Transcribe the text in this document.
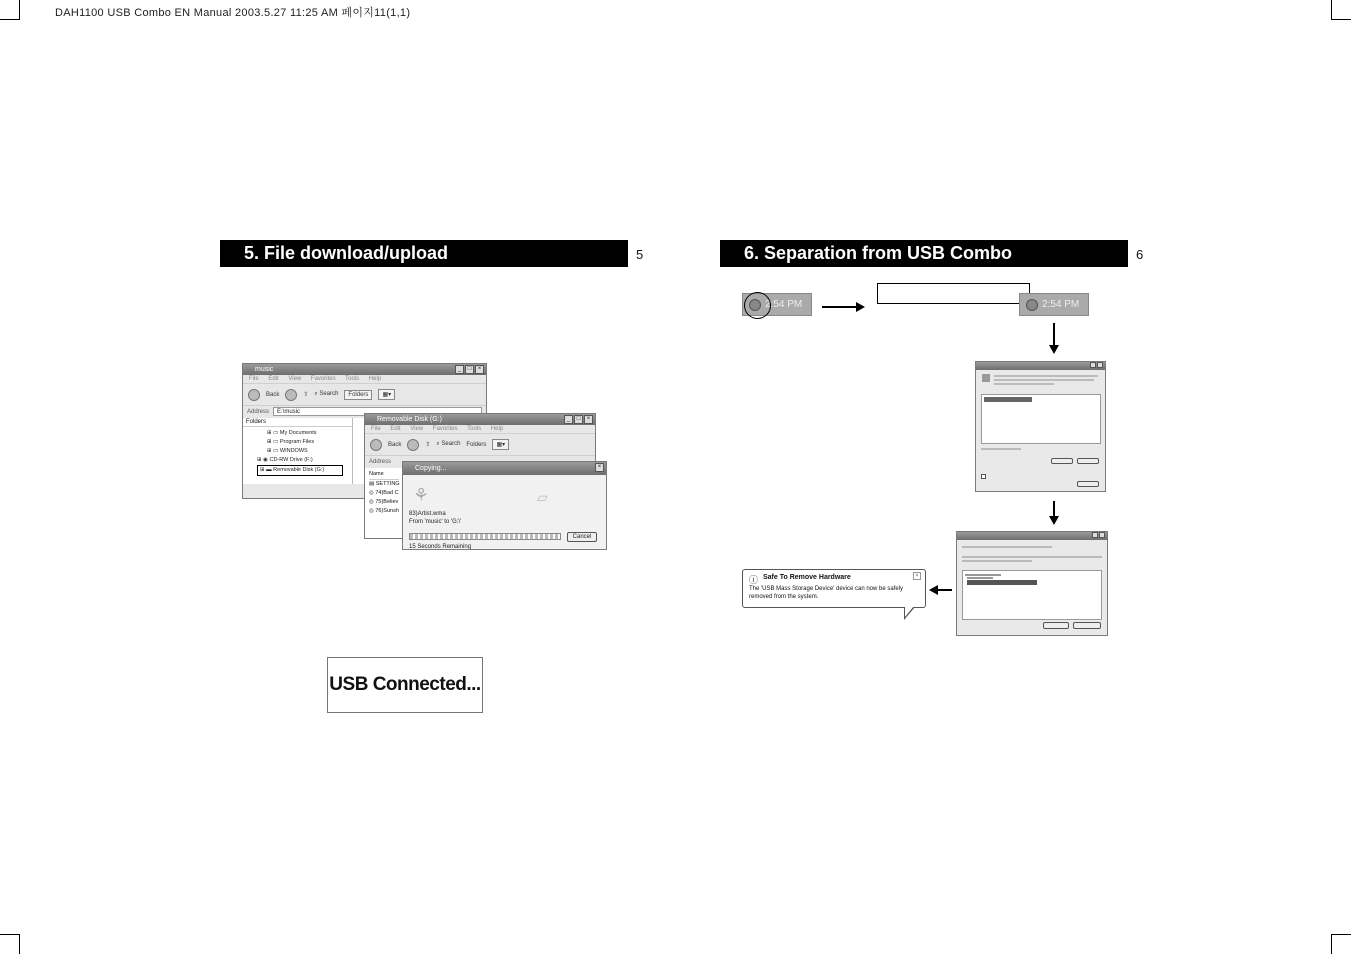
DAH1100 USB Combo EN Manual 2003.5.27 11:25 AM 페이지11(1,1)
5. File download/upload	5
music	_	□	×
File Edit View Favorites Tools Help
Back	⇧ ⌕ Search	Folders	▦▾
Address	E:\music
Folders
⊞ ▭ My Documents
⊞ ▭ Program Files
⊞ ▭ WINDOWS
⊞ ◉ CD-RW Drive (F:)
⊞ ▬ Removable Disk (G:)
Removable Disk (G:)	_	□	×
File Edit View Favorites Tools Help
Back	⇧ ⌕ Search Folders	▦▾
Address
Name
▤ SETTING
◎ 74)Bad C
◎ 75)Believ
◎ 76)Sunsh
Copying...	×
⚘	▱
83)Artist.wma
From 'music' to 'G:\'
Cancel
15 Seconds Remaining
USB Connected...
6. Separation from USB Combo	6
2:54 PM	2:54 PM
ⓘ	×
Safe To Remove Hardware
The 'USB Mass Storage Device' device can now be safely
removed from the system.
